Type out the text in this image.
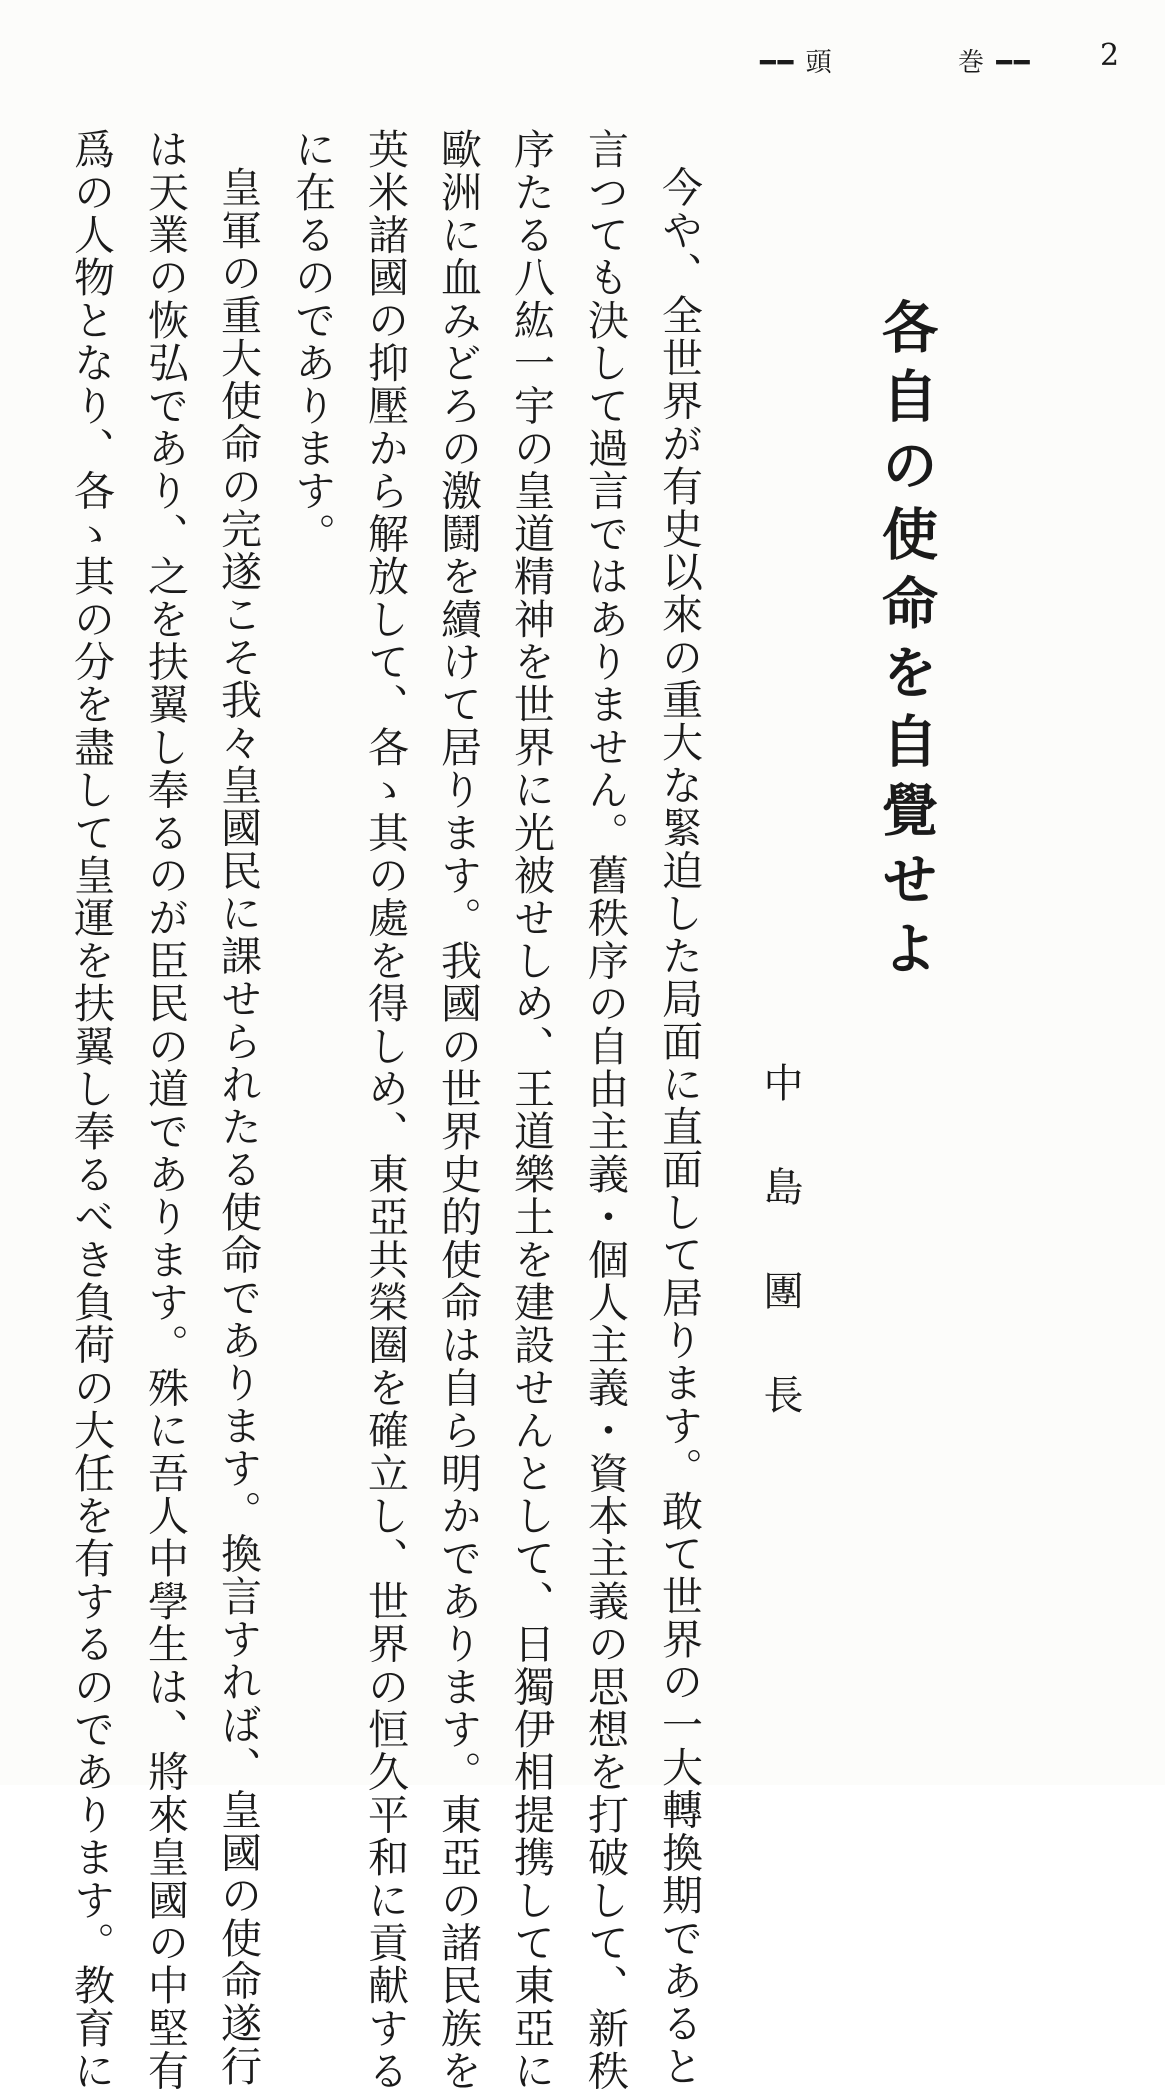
━━ 頭	巻 ━━ 2
各自の使命を自覺せよ
中島團長
今や、全世界が有史以來の重大な緊迫した局面に直面して居ります。敢て世界の一大轉換期であると
言つても決して過言ではありません。舊秩序の自由主義・個人主義・資本主義の思想を打破して、新秩
序たる八紘一宇の皇道精神を世界に光被せしめ、王道樂土を建設せんとして、日獨伊相提携して東亞に
歐洲に血みどろの激鬪を續けて居ります。我國の世界史的使命は自ら明かであります。東亞の諸民族を
英米諸國の抑壓から解放して、各ゝ其の處を得しめ、東亞共榮圈を確立し、世界の恒久平和に貢献する
に在るのであります。
皇軍の重大使命の完遂こそ我々皇國民に課せられたる使命であります。換言すれば、皇國の使命遂行
は天業の恢弘であり、之を扶翼し奉るのが臣民の道であります。殊に吾人中學生は、將來皇國の中堅有
爲の人物となり、各ゝ其の分を盡して皇運を扶翼し奉るべき負荷の大任を有するのであります。教育に
